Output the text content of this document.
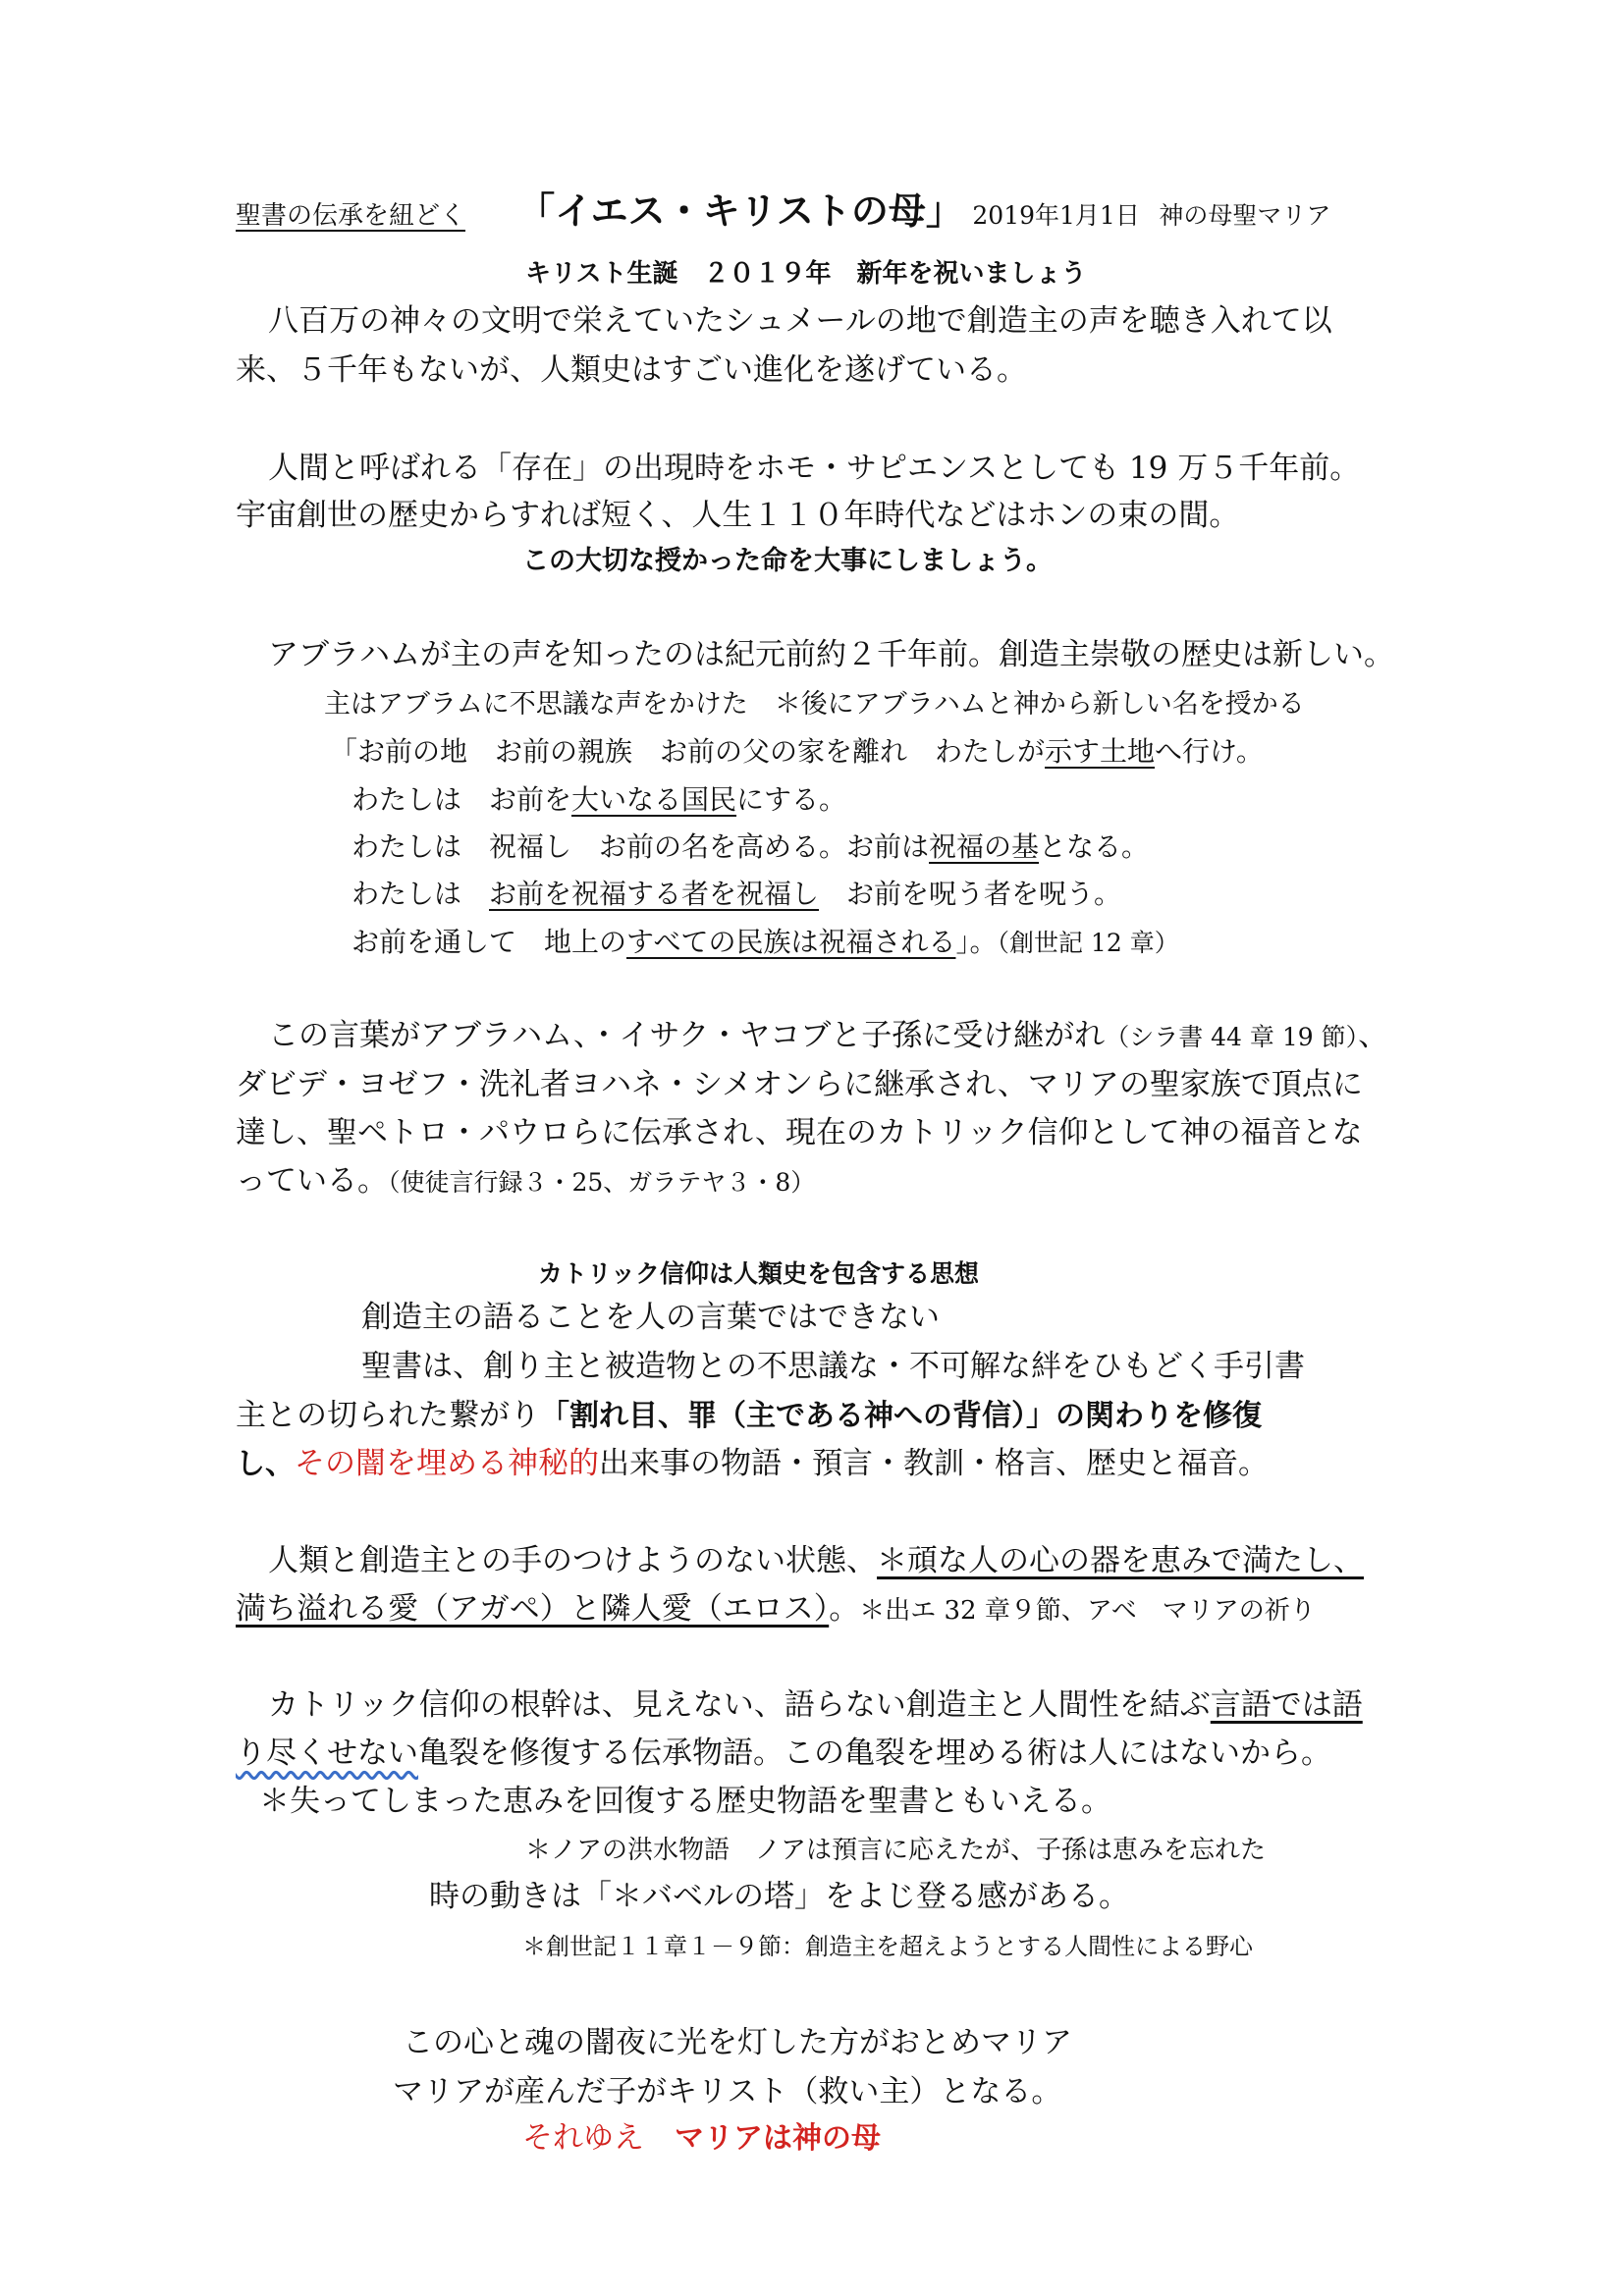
聖書の伝承を紐どく 「イエス・キリストの母」 2019年1月1日 神の母聖マリア
キリスト生誕　２０１９年　新年を祝いましょう
八百万の神々の文明で栄えていたシュメールの地で創造主の声を聴き入れて以
来、５千年もないが、人類史はすごい進化を遂げている。
人間と呼ばれる「存在」の出現時をホモ・サピエンスとしても 19 万５千年前。
宇宙創世の歴史からすれば短く、人生１１０年時代などはホンの束の間。
この大切な授かった命を大事にしましょう。
アブラハムが主の声を知ったのは紀元前約２千年前。創造主崇敬の歴史は新しい。
主はアブラムに不思議な声をかけた　＊後にアブラハムと神から新しい名を授かる
「お前の地　お前の親族　お前の父の家を離れ　わたしが示す土地へ行け。
わたしは　お前を大いなる国民にする。
わたしは　祝福し　お前の名を高める。お前は祝福の基となる。
わたしは　お前を祝福する者を祝福し　お前を呪う者を呪う。
お前を通して　地上のすべての民族は祝福される」。（創世記 12 章）
この言葉がアブラハム、・イサク・ヤコブと子孫に受け継がれ（シラ書 44 章 19 節）、
ダビデ・ヨゼフ・洗礼者ヨハネ・シメオンらに継承され、マリアの聖家族で頂点に
達し、聖ペトロ・パウロらに伝承され、現在のカトリック信仰として神の福音とな
っている。（使徒言行録３・25、ガラテヤ３・8）
カトリック信仰は人類史を包含する思想
創造主の語ることを人の言葉ではできない
聖書は、創り主と被造物との不思議な・不可解な絆をひもどく手引書
主との切られた繋がり「割れ目、罪（主である神への背信）」の関わりを修復
し、その闇を埋める神秘的出来事の物語・預言・教訓・格言、歴史と福音。
人類と創造主との手のつけようのない状態、＊頑な人の心の器を恵みで満たし、
満ち溢れる愛（アガペ）と隣人愛（エロス）。＊出エ 32 章９節、アベ　マリアの祈り
カトリック信仰の根幹は、見えない、語らない創造主と人間性を結ぶ言語では語
り尽くせない亀裂を修復する伝承物語。この亀裂を埋める術は人にはないから。
＊失ってしまった恵みを回復する歴史物語を聖書ともいえる。
＊ノアの洪水物語　ノアは預言に応えたが、子孫は恵みを忘れた
時の動きは「＊バベルの塔」をよじ登る感がある。
＊創世記１１章１－９節：創造主を超えようとする人間性による野心
この心と魂の闇夜に光を灯した方がおとめマリア
マリアが産んだ子がキリスト（救い主）となる。
それゆえ　マリアは神の母
